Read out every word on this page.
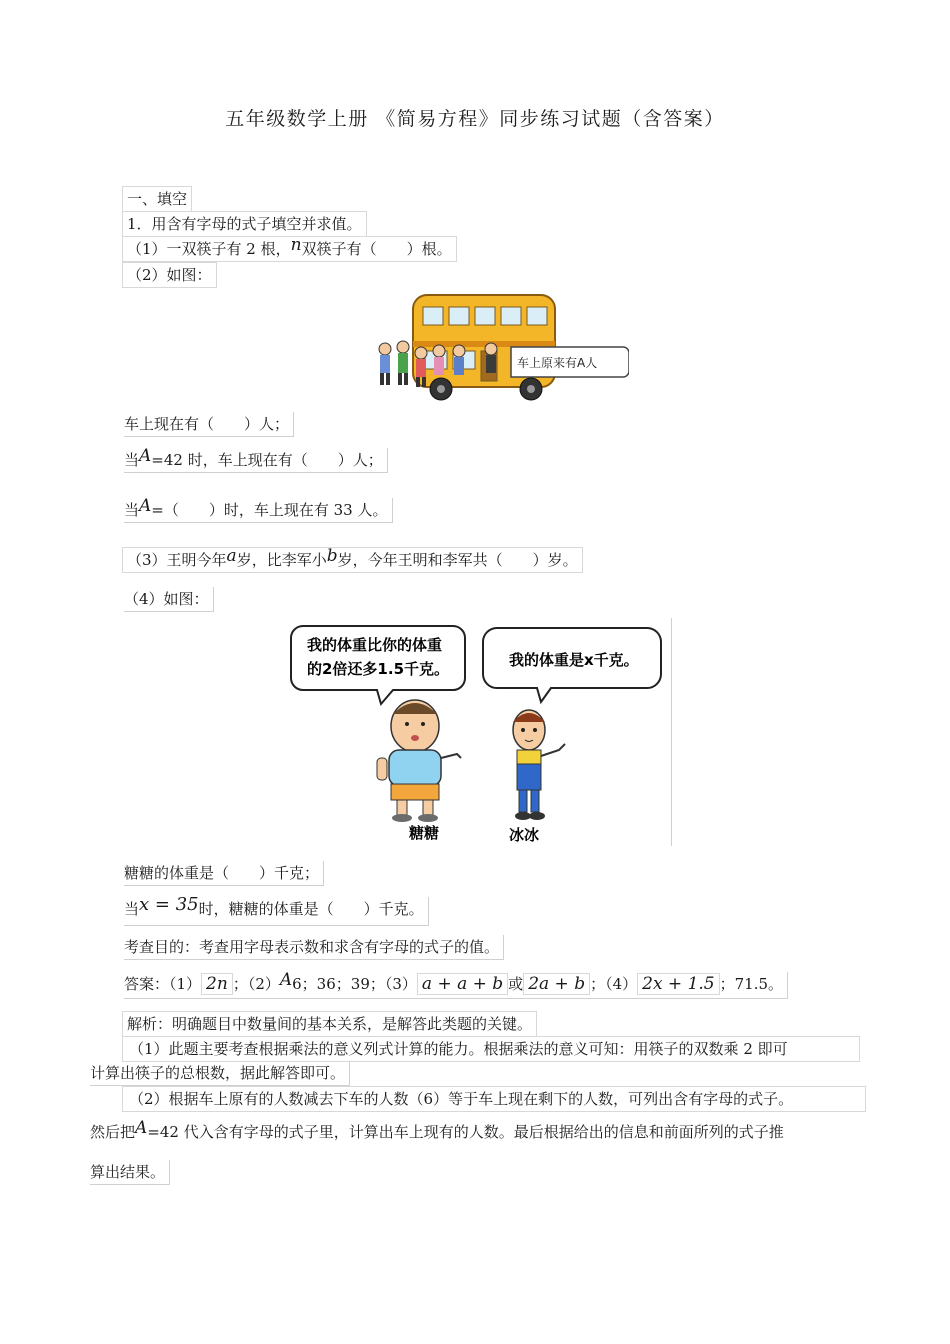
五年级数学上册 《简易方程》同步练习试题（含答案）
一、填空
1．用含有字母的式子填空并求值。
（1）一双筷子有 2 根，n双筷子有（　　）根。
（2）如图：
车上原来有A人
车上现在有（　　）人；
当A=42 时，车上现在有（　　）人；
当A=（　　）时，车上现在有 33 人。
（3）王明今年a岁，比李军小b岁，今年王明和李军共（　　）岁。
（4）如图：
我的体重比你的体重
的2倍还多1.5千克。	我的体重是x千克。
糖糖	冰冰
糖糖的体重是（　　）千克；
当x = 35时，糖糖的体重是（　　）千克。
考查目的：考查用字母表示数和求含有字母的式子的值。
答案：（1） 2n ；（2）A6；36；39；（3） a + a + b 或 2a + b ；（4） 2x + 1.5 ；71.5。
解析：明确题目中数量间的基本关系，是解答此类题的关键。
（1）此题主要考查根据乘法的意义列式计算的能力。根据乘法的意义可知：用筷子的双数乘 2 即可
计算出筷子的总根数，据此解答即可。
（2）根据车上原有的人数减去下车的人数（6）等于车上现在剩下的人数，可列出含有字母的式子。
然后把A=42 代入含有字母的式子里，计算出车上现有的人数。最后根据给出的信息和前面所列的式子推
算出结果。
